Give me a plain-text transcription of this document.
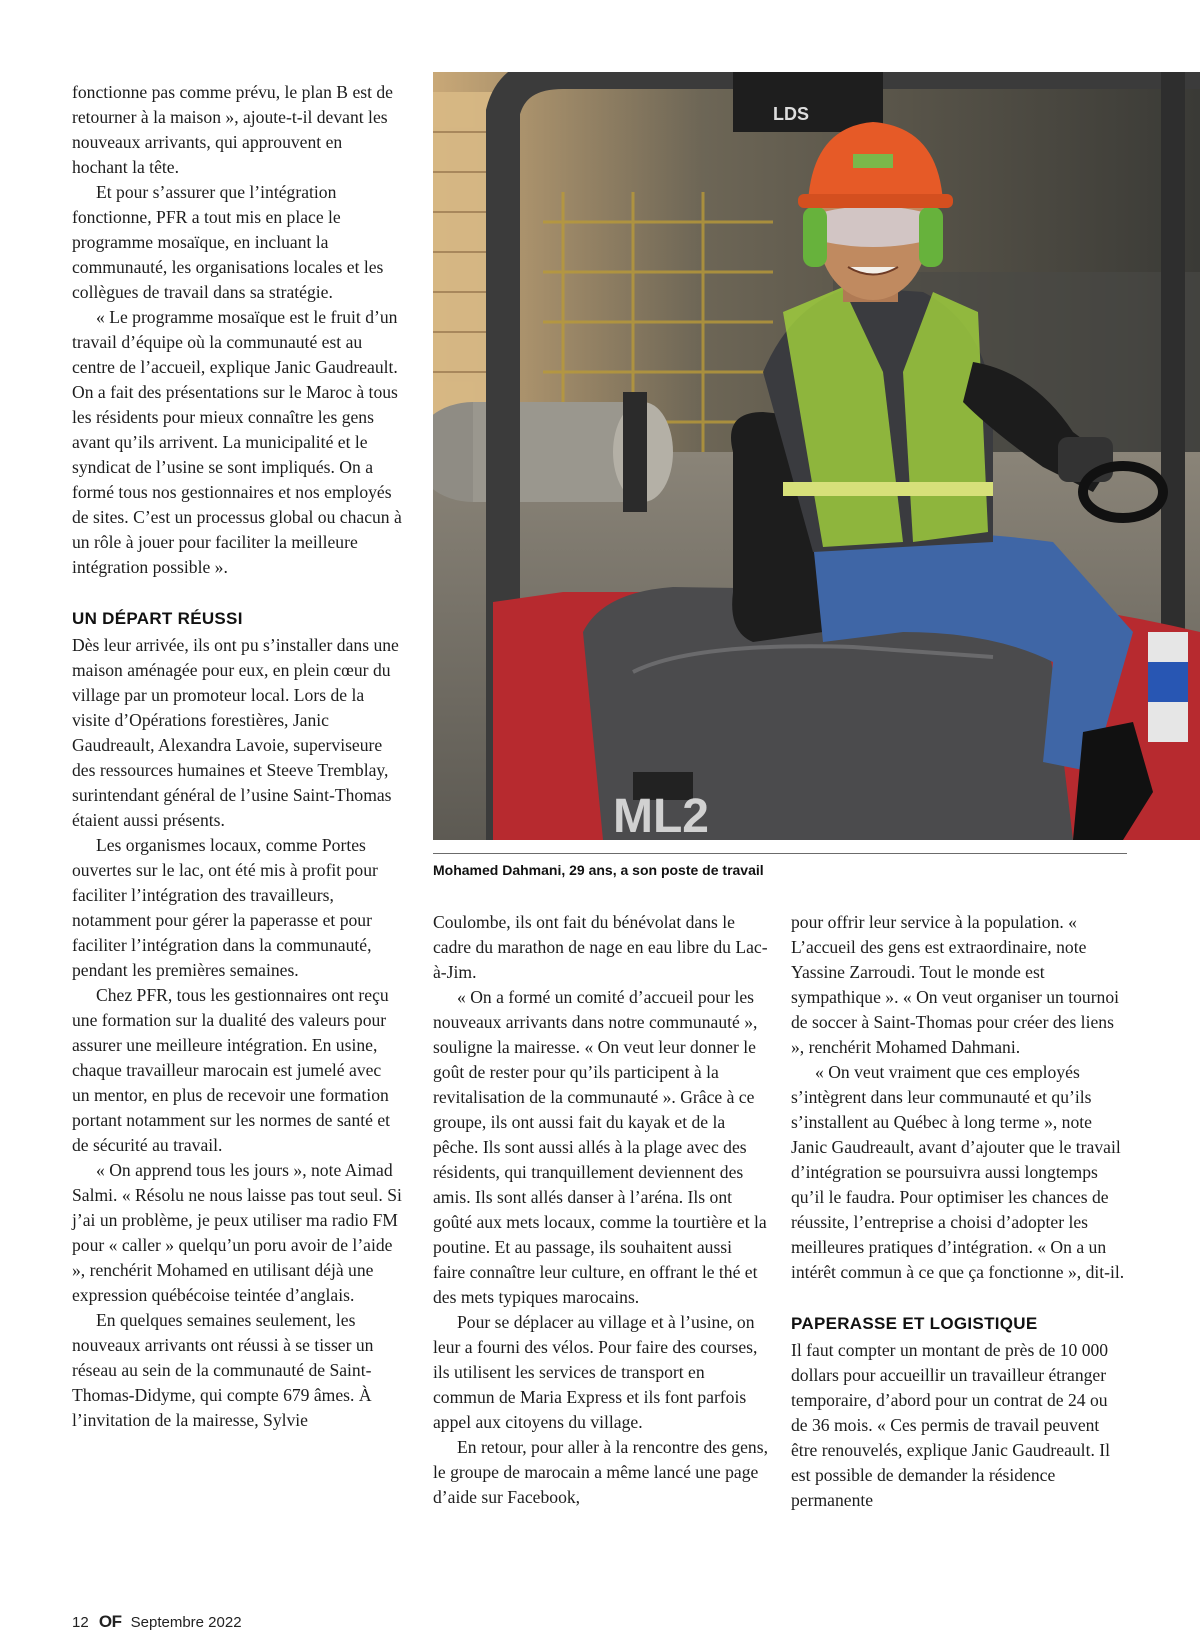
fonctionne pas comme prévu, le plan B est de retourner à la maison », ajoute-t-il devant les nouveaux arrivants, qui approuvent en hochant la tête.

Et pour s’assurer que l’intégration fonctionne, PFR a tout mis en place le programme mosaïque, en incluant la communauté, les organisations locales et les collègues de travail dans sa stratégie.

« Le programme mosaïque est le fruit d’un travail d’équipe où la communauté est au centre de l’accueil, explique Janic Gaudreault. On a fait des présentations sur le Maroc à tous les résidents pour mieux connaître les gens avant qu’ils arrivent. La municipalité et le syndicat de l’usine se sont impliqués. On a formé tous nos gestionnaires et nos employés de sites. C’est un processus global ou chacun à un rôle à jouer pour faciliter la meilleure intégration possible ».

UN DÉPART RÉUSSI

Dès leur arrivée, ils ont pu s’installer dans une maison aménagée pour eux, en plein cœur du village par un promoteur local. Lors de la visite d’Opérations forestières, Janic Gaudreault, Alexandra Lavoie, superviseure des ressources humaines et Steeve Tremblay, surintendant général de l’usine Saint-Thomas étaient aussi présents.

Les organismes locaux, comme Portes ouvertes sur le lac, ont été mis à profit pour faciliter l’intégration des travailleurs, notamment pour gérer la paperasse et pour faciliter l’intégration dans la communauté, pendant les premières semaines.

Chez PFR, tous les gestionnaires ont reçu une formation sur la dualité des valeurs pour assurer une meilleure intégration. En usine, chaque travailleur marocain est jumelé avec un mentor, en plus de recevoir une formation portant notamment sur les normes de santé et de sécurité au travail.

« On apprend tous les jours », note Aimad Salmi. « Résolu ne nous laisse pas tout seul. Si j’ai un problème, je peux utiliser ma radio FM pour « caller » quelqu’un poru avoir de l’aide », renchérit Mohamed en utilisant déjà une expression québécoise teintée d’anglais.

En quelques semaines seulement, les nouveaux arrivants ont réussi à se tisser un réseau au sein de la communauté de Saint-Thomas-Didyme, qui compte 679 âmes. À l’invitation de la mairesse, Sylvie

LDS
ML2
Mohamed Dahmani, 29 ans, a son poste de travail

Coulombe, ils ont fait du bénévolat dans le cadre du marathon de nage en eau libre du Lac-à-Jim.

« On a formé un comité d’accueil pour les nouveaux arrivants dans notre communauté », souligne la mairesse. « On veut leur donner le goût de rester pour qu’ils participent à la revitalisation de la communauté ». Grâce à ce groupe, ils ont aussi fait du kayak et de la pêche. Ils sont aussi allés à la plage avec des résidents, qui tranquillement deviennent des amis. Ils sont allés danser à l’aréna. Ils ont goûté aux mets locaux, comme la tourtière et la poutine. Et au passage, ils souhaitent aussi faire connaître leur culture, en offrant le thé et des mets typiques marocains.

Pour se déplacer au village et à l’usine, on leur a fourni des vélos. Pour faire des courses, ils utilisent les services de transport en commun de Maria Express et ils font parfois appel aux citoyens du village.

En retour, pour aller à la rencontre des gens, le groupe de marocain a même lancé une page d’aide sur Facebook,

pour offrir leur service à la population. « L’accueil des gens est extraordinaire, note Yassine Zarroudi. Tout le monde est sympathique ». « On veut organiser un tournoi de soccer à Saint-Thomas pour créer des liens », renchérit Mohamed Dahmani.

« On veut vraiment que ces employés s’intègrent dans leur communauté et qu’ils s’installent au Québec à long terme », note Janic Gaudreault, avant d’ajouter que le travail d’intégration se poursuivra aussi longtemps qu’il le faudra. Pour optimiser les chances de réussite, l’entreprise a choisi d’adopter les meilleures pratiques d’intégration. « On a un intérêt commun à ce que ça fonctionne », dit-il.

PAPERASSE ET LOGISTIQUE

Il faut compter un montant de près de 10 000 dollars pour accueillir un travailleur étranger temporaire, d’abord pour un contrat de 24 ou de 36 mois. « Ces permis de travail peuvent être renouvelés, explique Janic Gaudreault. Il est possible de demander la résidence permanente

12 OF Septembre 2022
